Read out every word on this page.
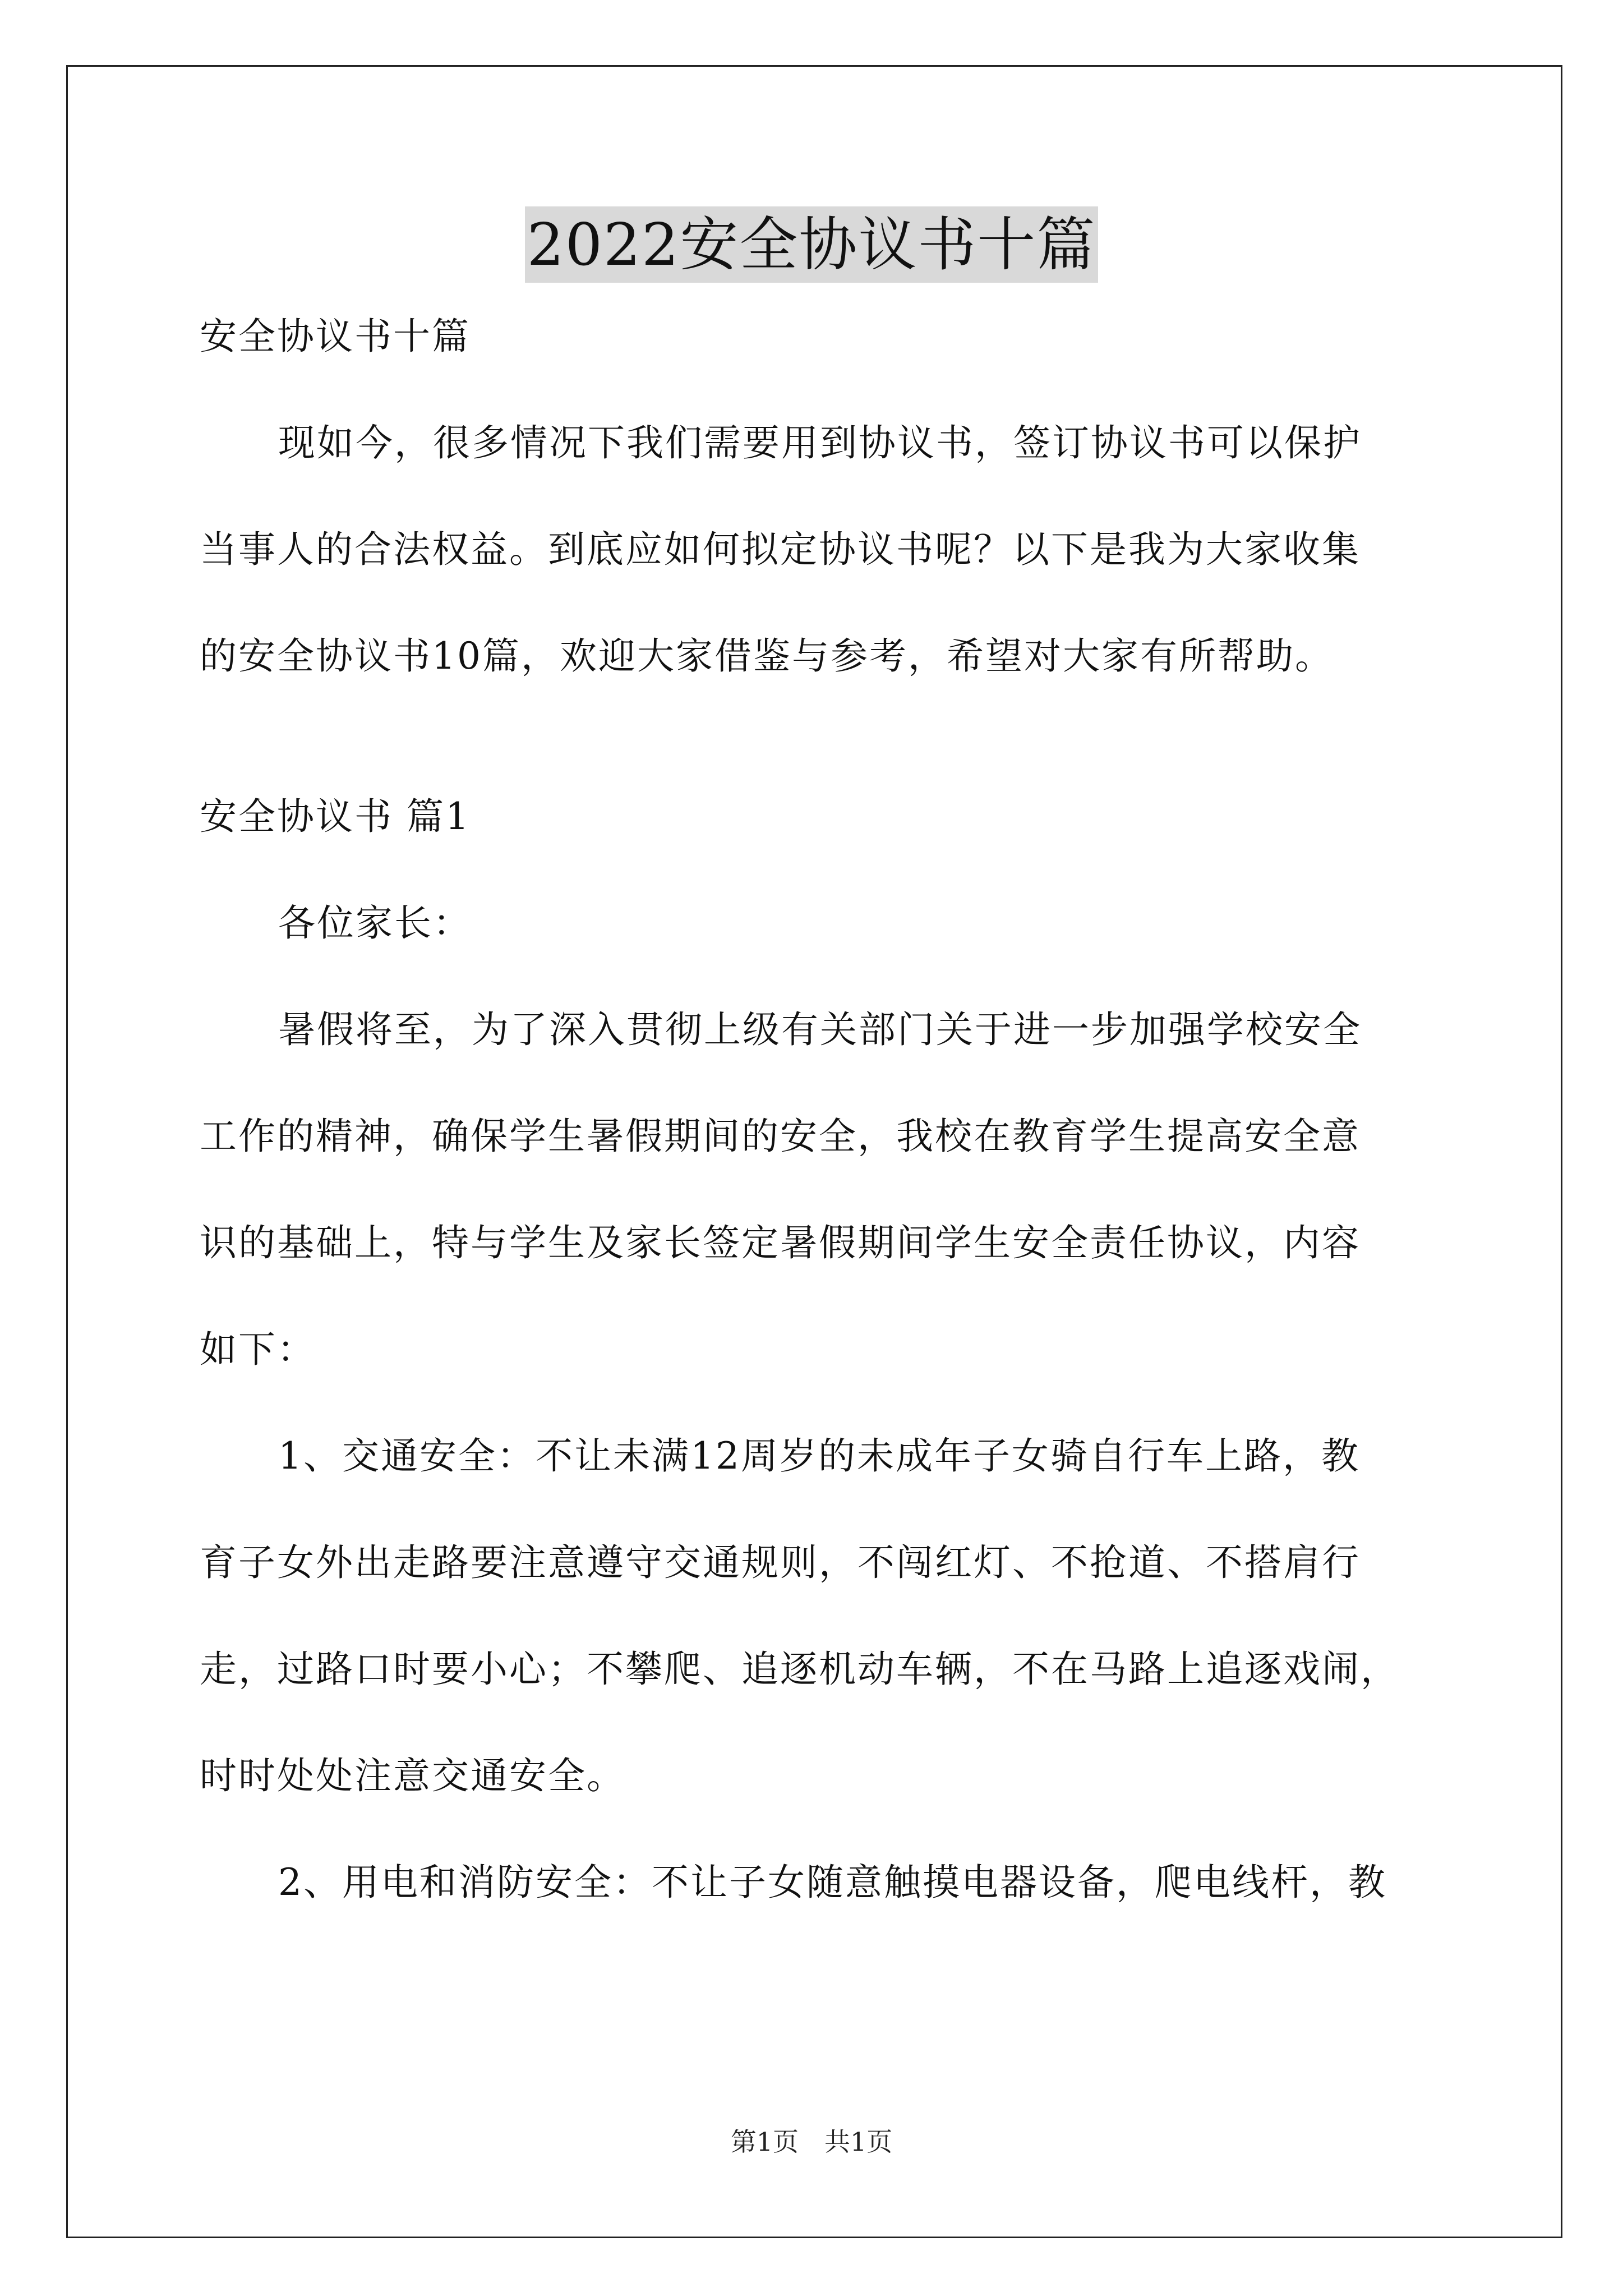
2022安全协议书十篇
安全协议书十篇
现如今，很多情况下我们需要用到协议书，签订协议书可以保护
当事人的合法权益。到底应如何拟定协议书呢？以下是我为大家收集
的安全协议书10篇，欢迎大家借鉴与参考，希望对大家有所帮助。
安全协议书 篇1
各位家长：
暑假将至，为了深入贯彻上级有关部门关于进一步加强学校安全
工作的精神，确保学生暑假期间的安全，我校在教育学生提高安全意
识的基础上，特与学生及家长签定暑假期间学生安全责任协议，内容
如下：
1、交通安全：不让未满12周岁的未成年子女骑自行车上路，教
育子女外出走路要注意遵守交通规则，不闯红灯、不抢道、不搭肩行
走，过路口时要小心；不攀爬、追逐机动车辆，不在马路上追逐戏闹，
时时处处注意交通安全。
2、用电和消防安全：不让子女随意触摸电器设备，爬电线杆，教
第1页 共1页
